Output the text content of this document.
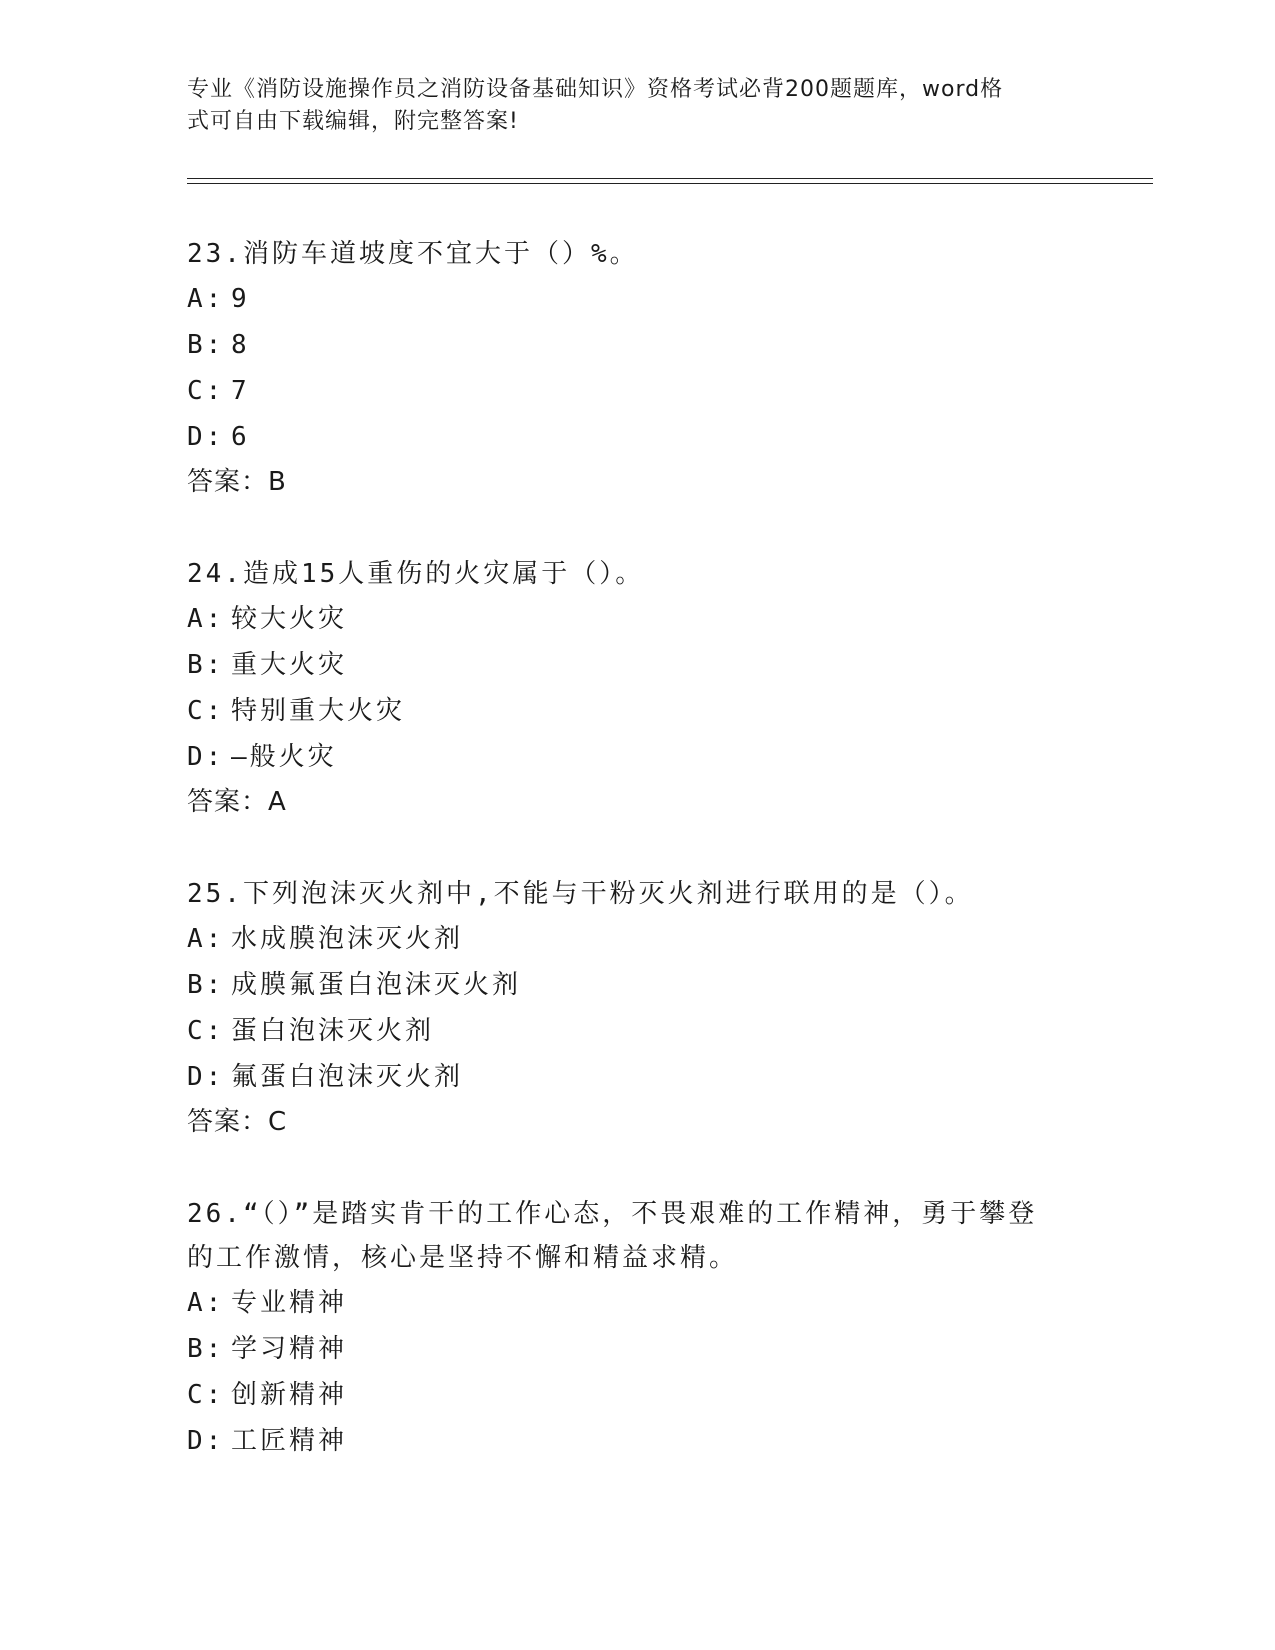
专业《消防设施操作员之消防设备基础知识》资格考试必背200题题库，word格
式可自由下载编辑，附完整答案!
23.消防车道坡度不宜大于（）%。
A: 9
B: 8
C: 7
D: 6
答案：B
24.造成15人重伤的火灾属于（）。
A: 较大火灾
B: 重大火灾
C: 特别重大火灾
D: —般火灾
答案：A
25.下列泡沫灭火剂中,不能与干粉灭火剂进行联用的是（）。
A: 水成膜泡沫灭火剂
B: 成膜氟蛋白泡沫灭火剂
C: 蛋白泡沫灭火剂
D: 氟蛋白泡沫灭火剂
答案：C
26.“（）”是踏实肯干的工作心态，不畏艰难的工作精神，勇于攀登
的工作激情，核心是坚持不懈和精益求精。
A: 专业精神
B: 学习精神
C: 创新精神
D: 工匠精神
